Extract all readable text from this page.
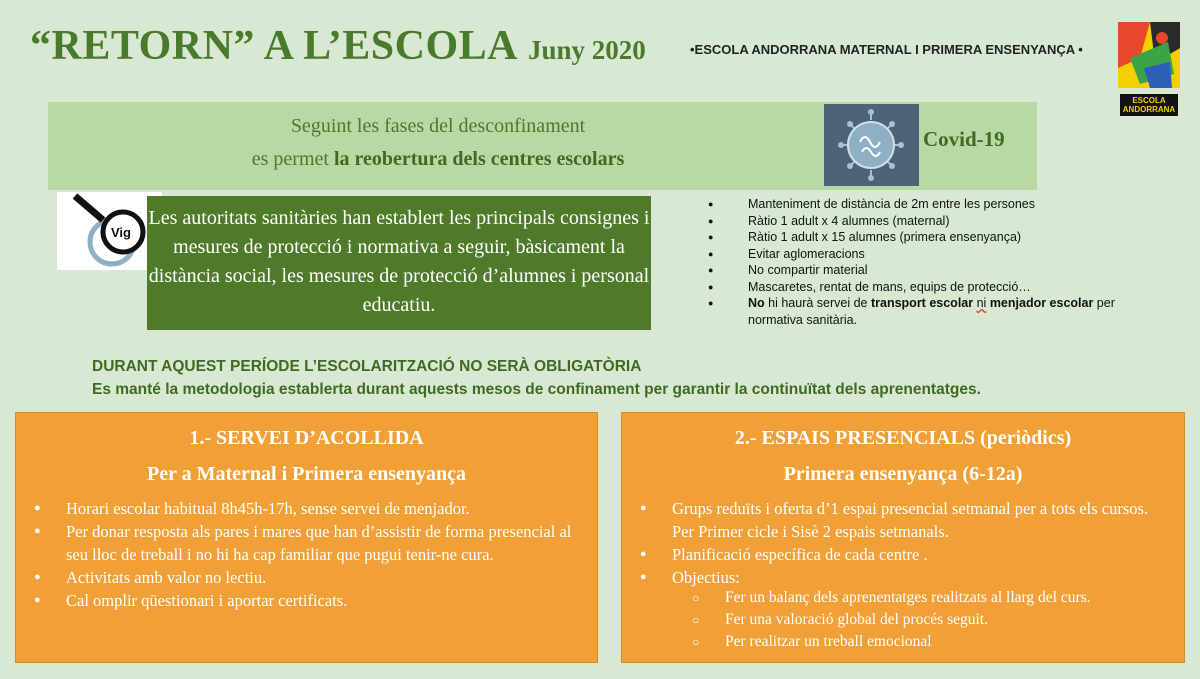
“RETORN” A L’ESCOLA Juny 2020	•ESCOLA ANDORRANA MATERNAL I PRIMERA ENSENYANÇA •
ESCOLA
ANDORRANA
Seguint les fases del desconfinament
es permet la reobertura dels centres escolars
Covid-19
Vig
Les autoritats sanitàries han establert les principals consignes i mesures de protecció i normativa a seguir, bàsicament la distància social, les mesures de protecció d’alumnes i personal educatiu.
● Manteniment de distància de 2m entre les persones
● Ràtio 1 adult x 4 alumnes (maternal)
● Ràtio 1 adult x 15 alumnes (primera ensenyança)
● Evitar aglomeracions
● No compartir material
● Mascaretes, rentat de mans, equips de protecció…
● No hi haurà servei de transport escolar ni menjador escolar per normativa sanitària.
DURANT AQUEST PERÍODE L’ESCOLARITZACIÓ NO SERÀ OBLIGATÒRIA
Es manté la metodologia establerta durant aquests mesos de confinament per garantir la continuïtat dels aprenentatges.
1.- SERVEI D’ACOLLIDA
Per a Maternal i Primera ensenyança
● Horari escolar habitual 8h45h-17h, sense servei de menjador.
● Per donar resposta als pares i mares que han d’assistir de forma presencial al seu lloc de treball i no hi ha cap familiar que pugui tenir-ne cura.
● Activitats amb valor no lectiu.
● Cal omplir qüestionari i aportar certificats.
2.- ESPAIS PRESENCIALS (periòdics)
Primera ensenyança (6-12a)
● Grups reduïts i oferta d’1 espai presencial setmanal per a tots els cursos. Per Primer cicle i Sisè 2 espais setmanals.
● Planificació específica de cada centre .
● Objectius:
○ Fer un balanç dels aprenentatges realitzats al llarg del curs.
○ Fer una valoració global del procés seguit.
○ Per realitzar un treball emocional
